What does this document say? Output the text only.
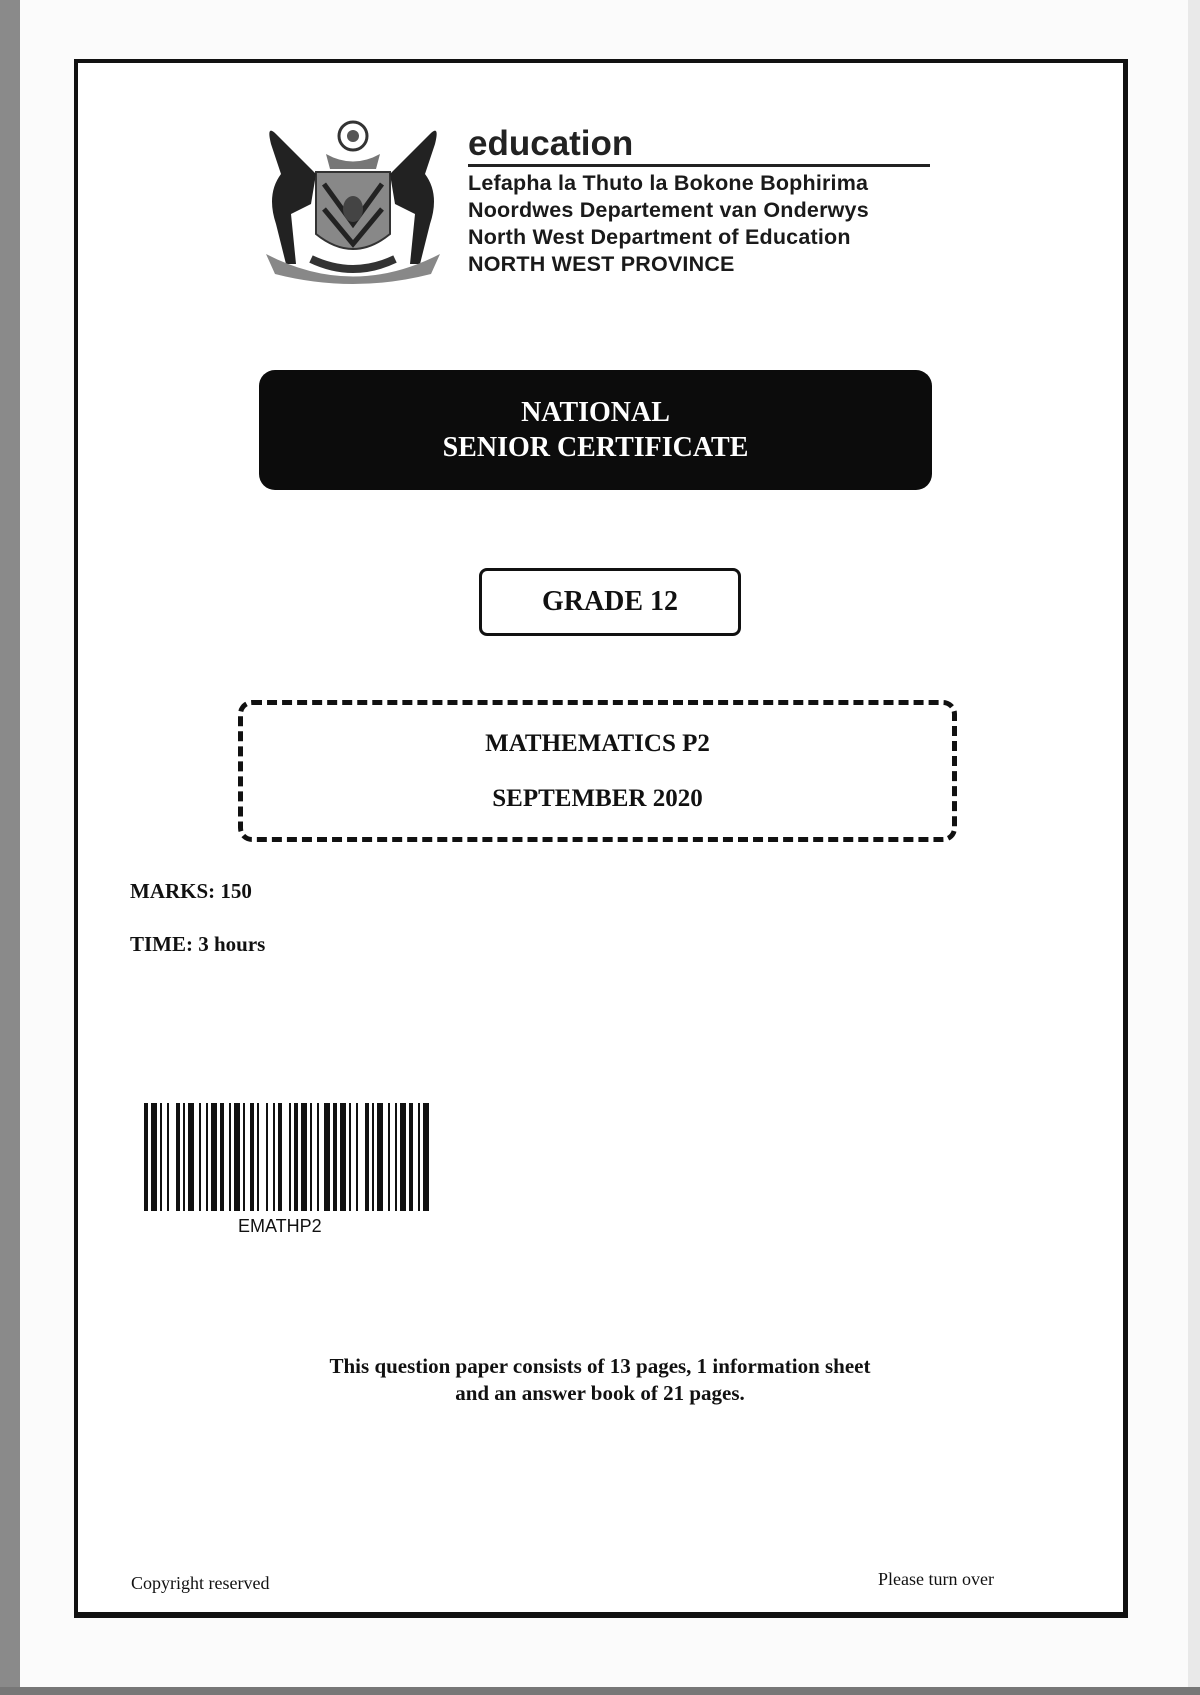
education
Lefapha la Thuto la Bokone Bophirima
Noordwes Departement van Onderwys
North West Department of Education
NORTH WEST PROVINCE
NATIONAL
SENIOR CERTIFICATE
GRADE 12
MATHEMATICS P2
SEPTEMBER 2020
MARKS: 150
TIME: 3 hours
EMATHP2
This question paper consists of 13 pages, 1 information sheet
and an answer book of 21 pages.
Copyright reserved	Please turn over
